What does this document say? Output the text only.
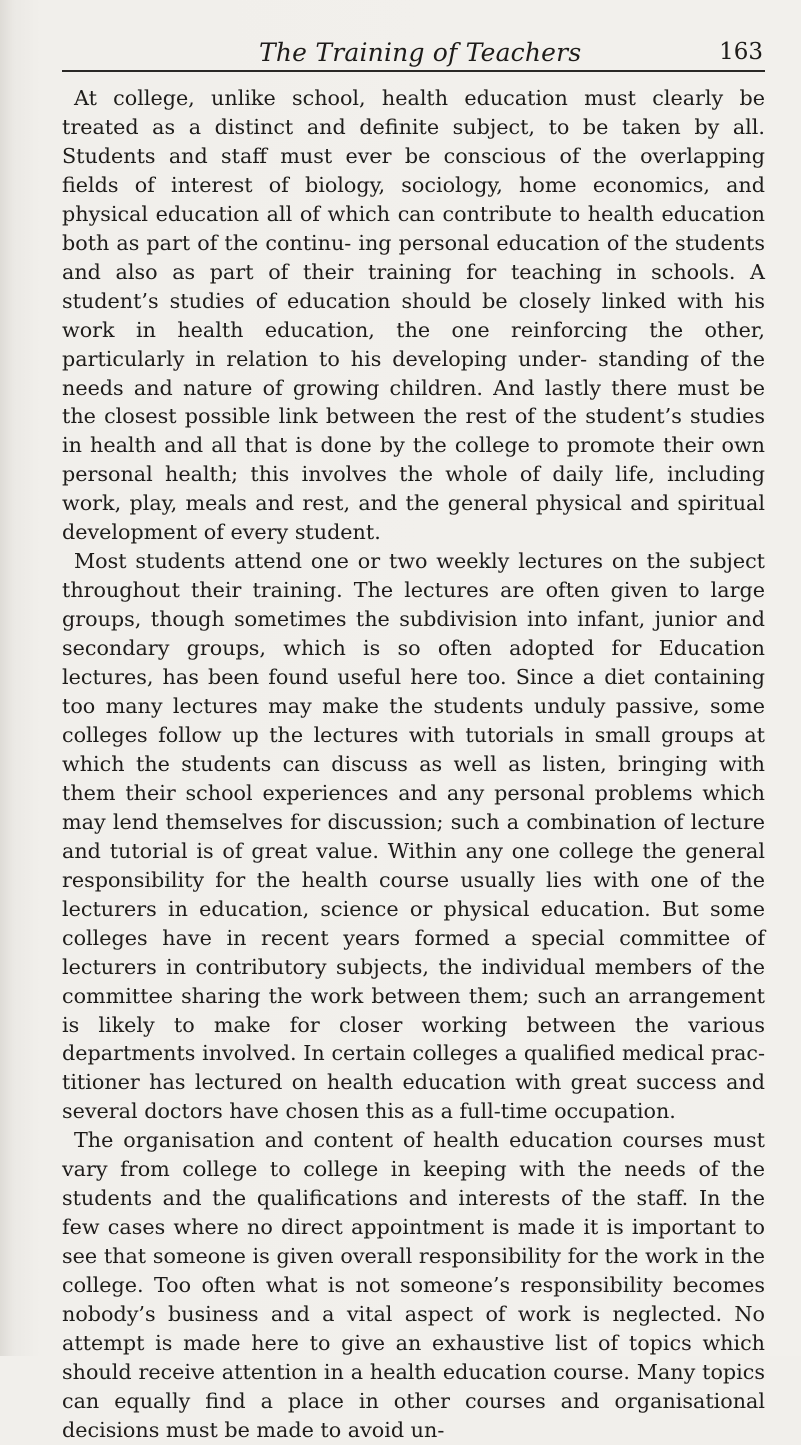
The Training of Teachers	163

At college, unlike school, health education must clearly be treated as a distinct and definite subject, to be taken by all. Students and staff must ever be conscious of the overlapping fields of interest of biology, sociology, home economics, and physical education all of which can contribute to health education both as part of the continu- ing personal education of the students and also as part of their training for teaching in schools. A student’s studies of education should be closely linked with his work in health education, the one reinforcing the other, particularly in relation to his developing under- standing of the needs and nature of growing children. And lastly there must be the closest possible link between the rest of the student’s studies in health and all that is done by the college to promote their own personal health; this involves the whole of daily life, including work, play, meals and rest, and the general physical and spiritual development of every student.

Most students attend one or two weekly lectures on the subject throughout their training. The lectures are often given to large groups, though sometimes the subdivision into infant, junior and secondary groups, which is so often adopted for Education lectures, has been found useful here too. Since a diet containing too many lectures may make the students unduly passive, some colleges follow up the lectures with tutorials in small groups at which the students can discuss as well as listen, bringing with them their school experiences and any personal problems which may lend themselves for discussion; such a combination of lecture and tutorial is of great value. Within any one college the general responsibility for the health course usually lies with one of the lecturers in education, science or physical education. But some colleges have in recent years formed a special committee of lecturers in contributory subjects, the individual members of the committee sharing the work between them; such an arrangement is likely to make for closer working between the various departments involved. In certain colleges a qualified medical prac- titioner has lectured on health education with great success and several doctors have chosen this as a full-time occupation.

The organisation and content of health education courses must vary from college to college in keeping with the needs of the students and the qualifications and interests of the staff. In the few cases where no direct appointment is made it is important to see that someone is given overall responsibility for the work in the college. Too often what is not someone’s responsibility becomes nobody’s business and a vital aspect of work is neglected. No attempt is made here to give an exhaustive list of topics which should receive attention in a health education course. Many topics can equally find a place in other courses and organisational decisions must be made to avoid un-
